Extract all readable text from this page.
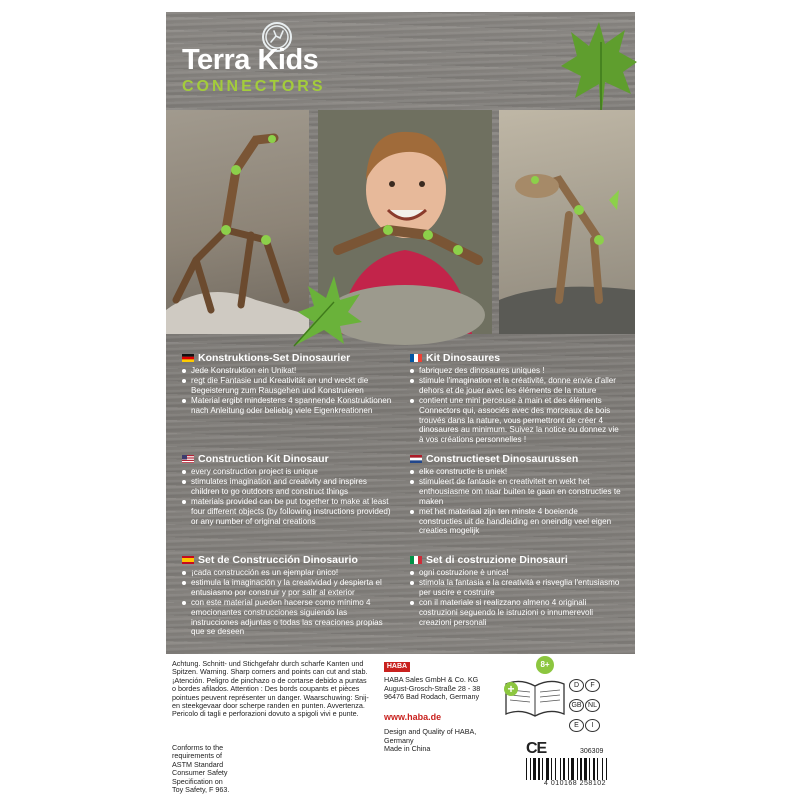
Terra Kids
CONNECTORS
Konstruktions-Set Dinosaurier
Jede Konstruktion ein Unikat!
regt die Fantasie und Kreativität an und weckt die Begeisterung zum Rausgehen und Konstruieren
Material ergibt mindestens 4 spannende Konstruktionen nach Anleitung oder beliebig viele Eigenkreationen
Kit Dinosaures
fabriquez des dinosaures uniques !
stimule l'imagination et la créativité, donne envie d'aller dehors et de jouer avec les éléments de la nature
contient une mini perceuse à main et des éléments Connectors qui, associés avec des morceaux de bois trouvés dans la nature, vous permettront de créer 4 dinosaures au minimum. Suivez la notice ou donnez vie à vos créations personnelles !
Construction Kit Dinosaur
every construction project is unique
stimulates imagination and creativity and inspires children to go outdoors and construct things
materials provided can be put together to make at least four different objects (by following instructions provided) or any number of original creations
Constructieset Dinosaurussen
elke constructie is uniek!
stimuleert de fantasie en creativiteit en wekt het enthousiasme om naar buiten te gaan en constructies te maken
met het materiaal zijn ten minste 4 boeiende constructies uit de handleiding en oneindig veel eigen creaties mogelijk
Set de Construcción Dinosaurio
¡cada construcción es un ejemplar único!
estimula la imaginación y la creatividad y despierta el entusiasmo por construir y por salir al exterior
con este material pueden hacerse como mínimo 4 emocionantes construcciones siguiendo las instrucciones adjuntas o todas las creaciones propias que se deseen
Set di costruzione Dinosauri
ogni costruzione è unica!
stimola la fantasia e la creatività e risveglia l'entusiasmo per uscire e costruire
con il materiale si realizzano almeno 4 originali costruzioni seguendo le istruzioni o innumerevoli creazioni personali
Achtung. Schnitt- und Stichgefahr durch scharfe Kanten und Spitzen. Warning. Sharp corners and points can cut and stab. ¡Atención. Peligro de pinchazo o de cortarse debido a puntas o bordes afilados. Attention : Des bords coupants et pièces pointues peuvent représenter un danger. Waarschuwing: Snij- en steekgevaar door scherpe randen en punten. Avvertenza. Pericolo di tagli e perforazioni dovuto a spigoli vivi e punte.
Conforms to the requirements of ASTM Standard Consumer Safety Specification on Toy Safety, F 963.
HABA
HABA Sales GmbH & Co. KG
August-Grosch-Straße 28 - 38
96476 Bad Rodach, Germany
www.haba.de
Design and Quality of HABA, Germany
Made in China
8+
+	D FGB NLE I
CE	306309
4 010168 258102
